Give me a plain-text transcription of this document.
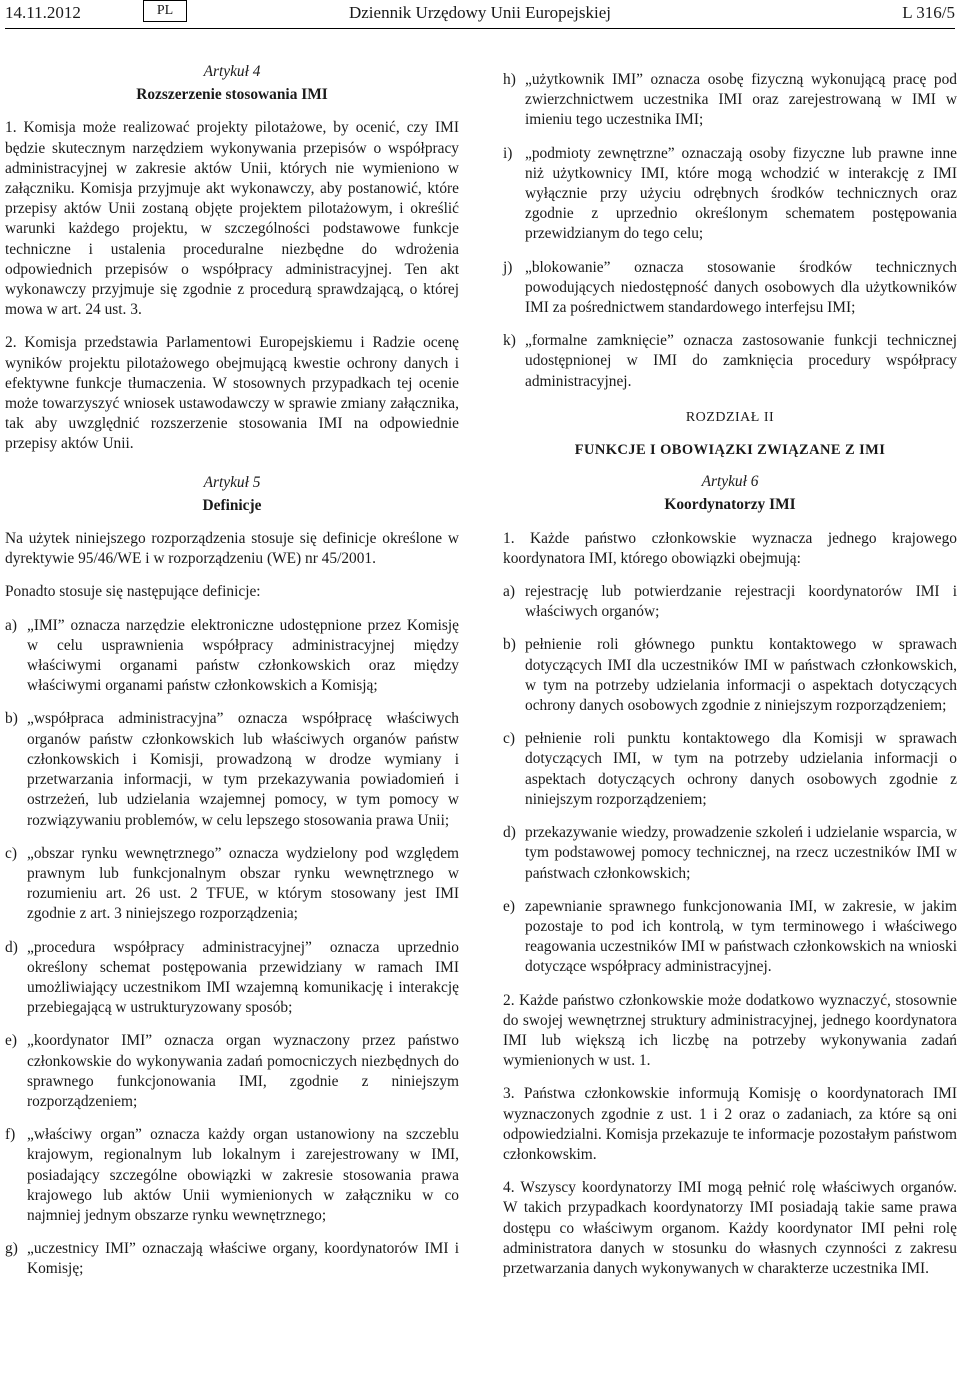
14.11.2012	PL	Dziennik Urzędowy Unii Europejskiej	L 316/5

Artykuł 4

Rozszerzenie stosowania IMI

1. Komisja może realizować projekty pilotażowe, by ocenić, czy IMI będzie skutecznym narzędziem wykonywania przepisów o współpracy administracyjnej w zakresie aktów Unii, których nie wymieniono w załączniku. Komisja przyjmuje akt wykonawczy, aby postanowić, które przepisy aktów Unii zostaną objęte projektem pilotażowym, i określić warunki każdego projektu, w szczególności podstawowe funkcje techniczne i ustalenia proceduralne niezbędne do wdrożenia odpowiednich przepisów o współpracy administracyjnej. Ten akt wykonawczy przyjmuje się zgodnie z procedurą sprawdzającą, o której mowa w art. 24 ust. 3.

2. Komisja przedstawia Parlamentowi Europejskiemu i Radzie ocenę wyników projektu pilotażowego obejmującą kwestie ochrony danych i efektywne funkcje tłumaczenia. W stosownych przypadkach tej ocenie może towarzyszyć wniosek ustawodawczy w sprawie zmiany załącznika, tak aby uwzględnić rozszerzenie stosowania IMI na odpowiednie przepisy aktów Unii.

Artykuł 5

Definicje

Na użytek niniejszego rozporządzenia stosuje się definicje określone w dyrektywie 95/46/WE i w rozporządzeniu (WE) nr 45/2001.

Ponadto stosuje się następujące definicje:

a) „IMI” oznacza narzędzie elektroniczne udostępnione przez Komisję w celu usprawnienia współpracy administracyjnej między właściwymi organami państw członkowskich oraz między właściwymi organami państw członkowskich a Komisją;
b) „współpraca administracyjna” oznacza współpracę właściwych organów państw członkowskich lub właściwych organów państw członkowskich i Komisji, prowadzoną w drodze wymiany i przetwarzania informacji, w tym przekazywania powiadomień i ostrzeżeń, lub udzielania wzajemnej pomocy, w tym pomocy w rozwiązywaniu problemów, w celu lepszego stosowania prawa Unii;
c) „obszar rynku wewnętrznego” oznacza wydzielony pod względem prawnym lub funkcjonalnym obszar rynku wewnętrznego w rozumieniu art. 26 ust. 2 TFUE, w którym stosowany jest IMI zgodnie z art. 3 niniejszego rozporządzenia;
d) „procedura współpracy administracyjnej” oznacza uprzednio określony schemat postępowania przewidziany w ramach IMI umożliwiający uczestnikom IMI wzajemną komunikację i interakcję przebiegającą w ustrukturyzowany sposób;
e) „koordynator IMI” oznacza organ wyznaczony przez państwo członkowskie do wykonywania zadań pomocniczych niezbędnych do sprawnego funkcjonowania IMI, zgodnie z niniejszym rozporządzeniem;
f) „właściwy organ” oznacza każdy organ ustanowiony na szczeblu krajowym, regionalnym lub lokalnym i zarejestrowany w IMI, posiadający szczególne obowiązki w zakresie stosowania prawa krajowego lub aktów Unii wymienionych w załączniku w co najmniej jednym obszarze rynku wewnętrznego;
g) „uczestnicy IMI” oznaczają właściwe organy, koordynatorów IMI i Komisję;
h) „użytkownik IMI” oznacza osobę fizyczną wykonującą pracę pod zwierzchnictwem uczestnika IMI oraz zarejestrowaną w IMI w imieniu tego uczestnika IMI;
i) „podmioty zewnętrzne” oznaczają osoby fizyczne lub prawne inne niż użytkownicy IMI, które mogą wchodzić w interakcję z IMI wyłącznie przy użyciu odrębnych środków technicznych oraz zgodnie z uprzednio określonym schematem postępowania przewidzianym do tego celu;
j) „blokowanie” oznacza stosowanie środków technicznych powodujących niedostępność danych osobowych dla użytkowników IMI za pośrednictwem standardowego interfejsu IMI;
k) „formalne zamknięcie” oznacza zastosowanie funkcji technicznej udostępnionej w IMI do zamknięcia procedury współpracy administracyjnej.

ROZDZIAŁ II

FUNKCJE I OBOWIĄZKI ZWIĄZANE Z IMI

Artykuł 6

Koordynatorzy IMI

1. Każde państwo członkowskie wyznacza jednego krajowego koordynatora IMI, którego obowiązki obejmują:

a) rejestrację lub potwierdzanie rejestracji koordynatorów IMI i właściwych organów;
b) pełnienie roli głównego punktu kontaktowego w sprawach dotyczących IMI dla uczestników IMI w państwach członkowskich, w tym na potrzeby udzielania informacji o aspektach dotyczących ochrony danych osobowych zgodnie z niniejszym rozporządzeniem;
c) pełnienie roli punktu kontaktowego dla Komisji w sprawach dotyczących IMI, w tym na potrzeby udzielania informacji o aspektach dotyczących ochrony danych osobowych zgodnie z niniejszym rozporządzeniem;
d) przekazywanie wiedzy, prowadzenie szkoleń i udzielanie wsparcia, w tym podstawowej pomocy technicznej, na rzecz uczestników IMI w państwach członkowskich;
e) zapewnianie sprawnego funkcjonowania IMI, w zakresie, w jakim pozostaje to pod ich kontrolą, w tym terminowego i właściwego reagowania uczestników IMI w państwach członkowskich na wnioski dotyczące współpracy administracyjnej.

2. Każde państwo członkowskie może dodatkowo wyznaczyć, stosownie do swojej wewnętrznej struktury administracyjnej, jednego koordynatora IMI lub większą ich liczbę na potrzeby wykonywania zadań wymienionych w ust. 1.

3. Państwa członkowskie informują Komisję o koordynatorach IMI wyznaczonych zgodnie z ust. 1 i 2 oraz o zadaniach, za które są oni odpowiedzialni. Komisja przekazuje te informacje pozostałym państwom członkowskim.

4. Wszyscy koordynatorzy IMI mogą pełnić rolę właściwych organów. W takich przypadkach koordynatorzy IMI posiadają takie same prawa dostępu co właściwym organom. Każdy koordynator IMI pełni rolę administratora danych w stosunku do własnych czynności z zakresu przetwarzania danych wykonywanych w charakterze uczestnika IMI.
